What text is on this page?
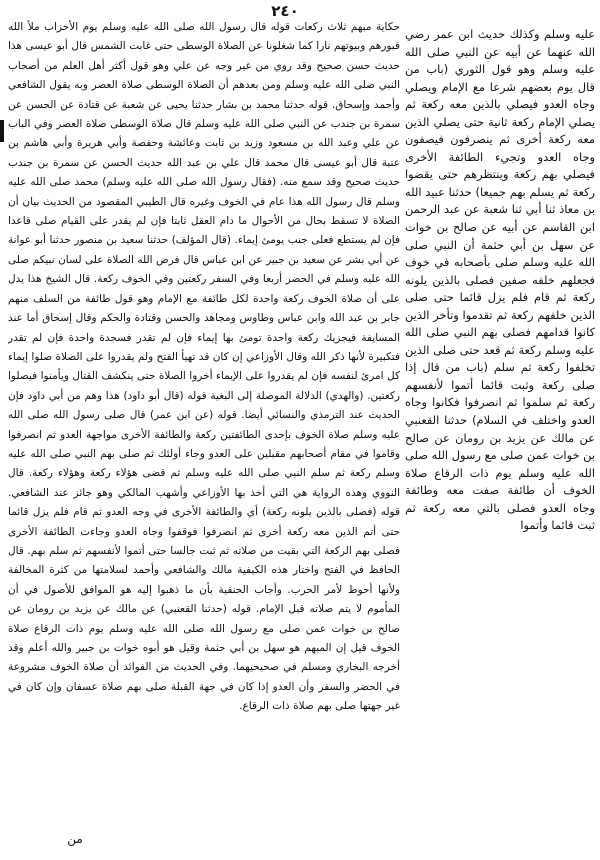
٢٤٠

عليه وسلم وكذلك حديث ابن عمر رضي الله عنهما عن أبيه عن النبي صلى الله عليه وسلم وهو قول الثوري (باب من قال يوم بعضهم شرعا مع الإمام ويصلي وجاه العدو فيصلي بالذين معه ركعة ثم يصلي الإمام ركعة ثانية حتى يصلي الذين معه ركعة أخرى ثم ينصرفون فيصفون وجاه العدو وتجيء الطائفة الأخرى فيصلي بهم ركعة وينتظرهم حتى يقضوا ركعة ثم يسلم بهم جميعا) حدثنا عبيد الله بن معاذ ثنا أبي ثنا شعبة عن عبد الرحمن ابن القاسم عن أبيه عن صالح بن خوات عن سهل بن أبي حثمة أن النبي صلى الله عليه وسلم صلى بأصحابه في خوف فجعلهم خلفه صفين فصلى بالذين يلونه ركعة ثم قام فلم يزل قائما حتى صلى الذين خلفهم ركعة ثم تقدموا وتأخر الذين كانوا قدامهم فصلى بهم النبي صلى الله عليه وسلم ركعة ثم قعد حتى صلى الذين تخلفوا ركعة ثم سلم (باب من قال إذا صلى ركعة وثبت قائما أتموا لأنفسهم ركعة ثم سلموا ثم انصرفوا فكانوا وجاه العدو واختلف في السلام) حدثنا القعنبي عن مالك عن يزيد بن رومان عن صالح بن خوات عمن صلى مع رسول الله صلى الله عليه وسلم يوم ذات الرقاع صلاة الخوف أن طائفة صفت معه وطائفة وجاه العدو فصلى بالتي معه ركعة ثم ثبت قائما وأتموا

حكاية مبهم ثلاث ركعات قوله قال رسول الله صلى الله عليه وسلم يوم الأحزاب ملأ الله قبورهم وبيوتهم نارا كما شغلونا عن الصلاة الوسطى حتى غابت الشمس قال أبو عيسى هذا حديث حسن صحيح وقد روي من غير وجه عن علي وهو قول أكثر أهل العلم من أصحاب النبي صلى الله عليه وسلم ومن بعدهم أن الصلاة الوسطى صلاة العصر وبه يقول الشافعي وأحمد وإسحاق. قوله حدثنا محمد بن بشار حدثنا يحيى عن شعبة عن قتادة عن الحسن عن سمرة بن جندب عن النبي صلى الله عليه وسلم قال صلاة الوسطى صلاة العصر وفي الباب عن علي وعبد الله بن مسعود وزيد بن ثابت وعائشة وحفصة وأبي هريرة وأبي هاشم بن عتبة قال أبو عيسى قال محمد قال علي بن عبد الله حديث الحسن عن سمرة بن جندب حديث صحيح وقد سمع منه. (فقال رسول الله صلى الله عليه وسلم) محمد صلى الله عليه وسلم قال رسول الله هذا عام في الخوف وغيره قال الطيبي المقصود من الحديث بيان أن الصلاة لا تسقط بحال من الأحوال ما دام العقل ثابتا فإن لم يقدر على القيام صلى قاعدا فإن لم يستطع فعلى جنب يومئ إيماء. (قال المؤلف) حدثنا سعيد بن منصور حدثنا أبو عوانة عن أبي بشر عن سعيد بن جبير عن ابن عباس قال فرض الله الصلاة على لسان نبيكم صلى الله عليه وسلم في الحضر أربعا وفي السفر ركعتين وفي الخوف ركعة. قال الشيخ هذا يدل على أن صلاة الخوف ركعة واحدة لكل طائفة مع الإمام وهو قول طائفة من السلف منهم جابر بن عبد الله وابن عباس وطاوس ومجاهد والحسن وقتادة والحكم وقال إسحاق أما عند المسايفة فيجزيك ركعة واحدة تومئ بها إيماء فإن لم تقدر فسجدة واحدة فإن لم تقدر فتكبيرة لأنها ذكر الله وقال الأوزاعي إن كان قد تهيأ الفتح ولم يقدروا على الصلاة صلوا إيماء كل امرئ لنفسه فإن لم يقدروا على الإيماء أخروا الصلاة حتى ينكشف القتال ويأمنوا فيصلوا ركعتين. (والهدي) الدلالة الموصلة إلى البغية قوله (قال أبو داود) هذا وهم من أبي داود فإن الحديث عند الترمذي والنسائي أيضا. قوله (عن ابن عمر) قال صلى رسول الله صلى الله عليه وسلم صلاة الخوف بإحدى الطائفتين ركعة والطائفة الأخرى مواجهة العدو ثم انصرفوا وقاموا في مقام أصحابهم مقبلين على العدو وجاء أولئك ثم صلى بهم النبي صلى الله عليه وسلم ركعة ثم سلم النبي صلى الله عليه وسلم ثم قضى هؤلاء ركعة وهؤلاء ركعة. قال النووي وهذه الرواية هي التي أخذ بها الأوزاعي وأشهب المالكي وهو جائز عند الشافعي. قوله (فصلى بالذين يلونه ركعة) أي والطائفة الأخرى في وجه العدو ثم قام فلم يزل قائما حتى أتم الذين معه ركعة أخرى ثم انصرفوا فوقفوا وجاه العدو وجاءت الطائفة الأخرى فصلى بهم الركعة التي بقيت من صلاته ثم ثبت جالسا حتى أتموا لأنفسهم ثم سلم بهم. قال الحافظ في الفتح واختار هذه الكيفية مالك والشافعي وأحمد لسلامتها من كثرة المخالفة ولأنها أحوط لأمر الحرب. وأجاب الحنفية بأن ما ذهبوا إليه هو الموافق للأصول في أن المأموم لا يتم صلاته قبل الإمام. قوله (حدثنا القعنبي) عن مالك عن يزيد بن رومان عن صالح بن خوات عمن صلى مع رسول الله صلى الله عليه وسلم يوم ذات الرقاع صلاة الخوف قيل إن المبهم هو سهل بن أبي حثمة وقيل هو أبوه خوات بن جبير والله أعلم وقد أخرجه البخاري ومسلم في صحيحيهما. وفي الحديث من الفوائد أن صلاة الخوف مشروعة في الحضر والسفر وأن العدو إذا كان في جهة القبلة صلى بهم صلاة عسفان وإن كان في غير جهتها صلى بهم صلاة ذات الرقاع.

من
